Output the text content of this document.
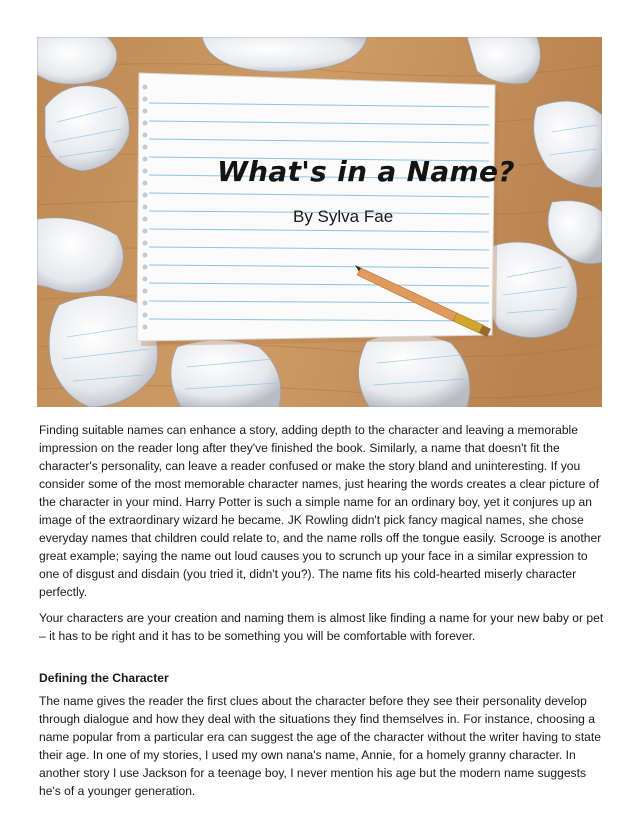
What's in a Name?
By Sylva Fae

Finding suitable names can enhance a story, adding depth to the character and leaving a memorable impression on the reader long after they've finished the book. Similarly, a name that doesn't fit the character's personality, can leave a reader confused or make the story bland and uninteresting. If you consider some of the most memorable character names, just hearing the words creates a clear picture of the character in your mind. Harry Potter is such a simple name for an ordinary boy, yet it conjures up an image of the extraordinary wizard he became. JK Rowling didn't pick fancy magical names, she chose everyday names that children could relate to, and the name rolls off the tongue easily. Scrooge is another great example; saying the name out loud causes you to scrunch up your face in a similar expression to one of disgust and disdain (you tried it, didn't you?). The name fits his cold-hearted miserly character perfectly.

Your characters are your creation and naming them is almost like finding a name for your new baby or pet – it has to be right and it has to be something you will be comfortable with forever.

Defining the Character

The name gives the reader the first clues about the character before they see their personality develop through dialogue and how they deal with the situations they find themselves in. For instance, choosing a name popular from a particular era can suggest the age of the character without the writer having to state their age. In one of my stories, I used my own nana's name, Annie, for a homely granny character. In another story I use Jackson for a teenage boy, I never mention his age but the modern name suggests he's of a younger generation.
